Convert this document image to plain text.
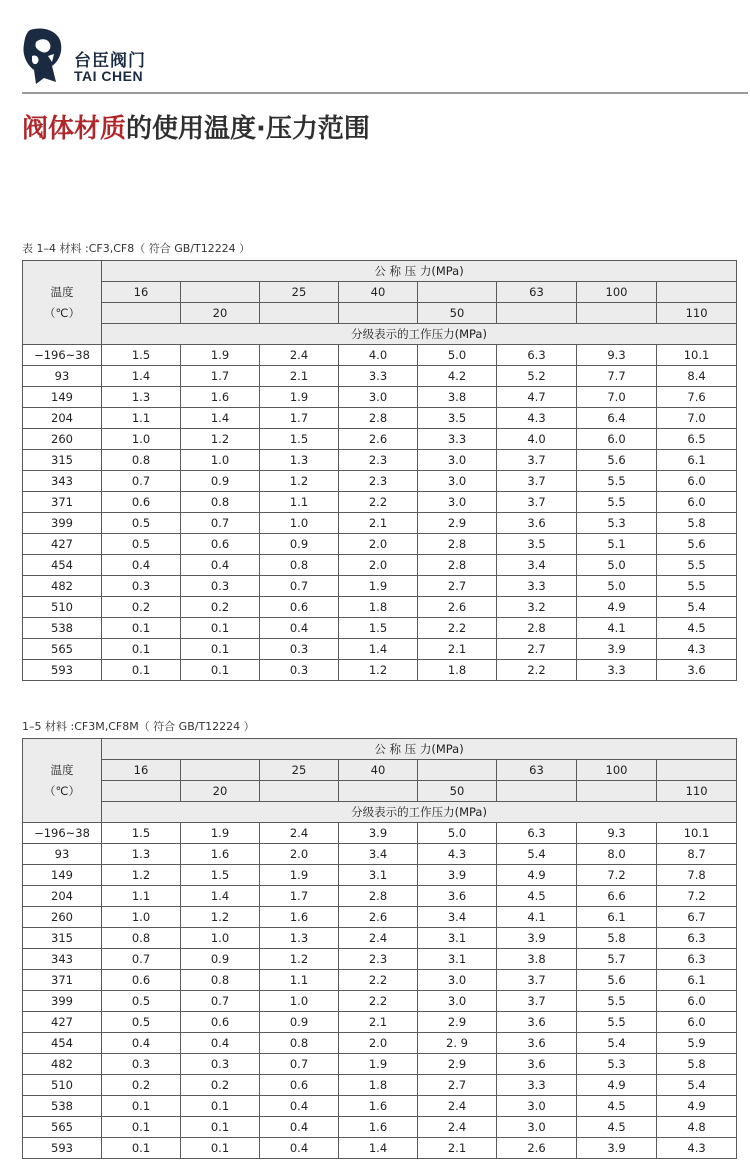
台臣阀门
TAI CHEN
阀体材质的使用温度·压力范围
表 1–4 材料 :CF3,CF8（ 符合 GB/T12224 ）
温度
（℃）	公 称 压 力(MPa)							
	16		25	40		63	100	
		20			50			110
	分级表示的工作压力(MPa)							
−196~38	1.5	1.9	2.4	4.0	5.0	6.3	9.3	10.1
93	1.4	1.7	2.1	3.3	4.2	5.2	7.7	8.4
149	1.3	1.6	1.9	3.0	3.8	4.7	7.0	7.6
204	1.1	1.4	1.7	2.8	3.5	4.3	6.4	7.0
260	1.0	1.2	1.5	2.6	3.3	4.0	6.0	6.5
315	0.8	1.0	1.3	2.3	3.0	3.7	5.6	6.1
343	0.7	0.9	1.2	2.3	3.0	3.7	5.5	6.0
371	0.6	0.8	1.1	2.2	3.0	3.7	5.5	6.0
399	0.5	0.7	1.0	2.1	2.9	3.6	5.3	5.8
427	0.5	0.6	0.9	2.0	2.8	3.5	5.1	5.6
454	0.4	0.4	0.8	2.0	2.8	3.4	5.0	5.5
482	0.3	0.3	0.7	1.9	2.7	3.3	5.0	5.5
510	0.2	0.2	0.6	1.8	2.6	3.2	4.9	5.4
538	0.1	0.1	0.4	1.5	2.2	2.8	4.1	4.5
565	0.1	0.1	0.3	1.4	2.1	2.7	3.9	4.3
593	0.1	0.1	0.3	1.2	1.8	2.2	3.3	3.6
1–5 材料 :CF3M,CF8M（ 符合 GB/T12224 ）
温度
（℃）	公 称 压 力(MPa)							
	16		25	40		63	100	
		20			50			110
	分级表示的工作压力(MPa)							
−196~38	1.5	1.9	2.4	3.9	5.0	6.3	9.3	10.1
93	1.3	1.6	2.0	3.4	4.3	5.4	8.0	8.7
149	1.2	1.5	1.9	3.1	3.9	4.9	7.2	7.8
204	1.1	1.4	1.7	2.8	3.6	4.5	6.6	7.2
260	1.0	1.2	1.6	2.6	3.4	4.1	6.1	6.7
315	0.8	1.0	1.3	2.4	3.1	3.9	5.8	6.3
343	0.7	0.9	1.2	2.3	3.1	3.8	5.7	6.3
371	0.6	0.8	1.1	2.2	3.0	3.7	5.6	6.1
399	0.5	0.7	1.0	2.2	3.0	3.7	5.5	6.0
427	0.5	0.6	0.9	2.1	2.9	3.6	5.5	6.0
454	0.4	0.4	0.8	2.0	2. 9	3.6	5.4	5.9
482	0.3	0.3	0.7	1.9	2.9	3.6	5.3	5.8
510	0.2	0.2	0.6	1.8	2.7	3.3	4.9	5.4
538	0.1	0.1	0.4	1.6	2.4	3.0	4.5	4.9
565	0.1	0.1	0.4	1.6	2.4	3.0	4.5	4.8
593	0.1	0.1	0.4	1.4	2.1	2.6	3.9	4.3
